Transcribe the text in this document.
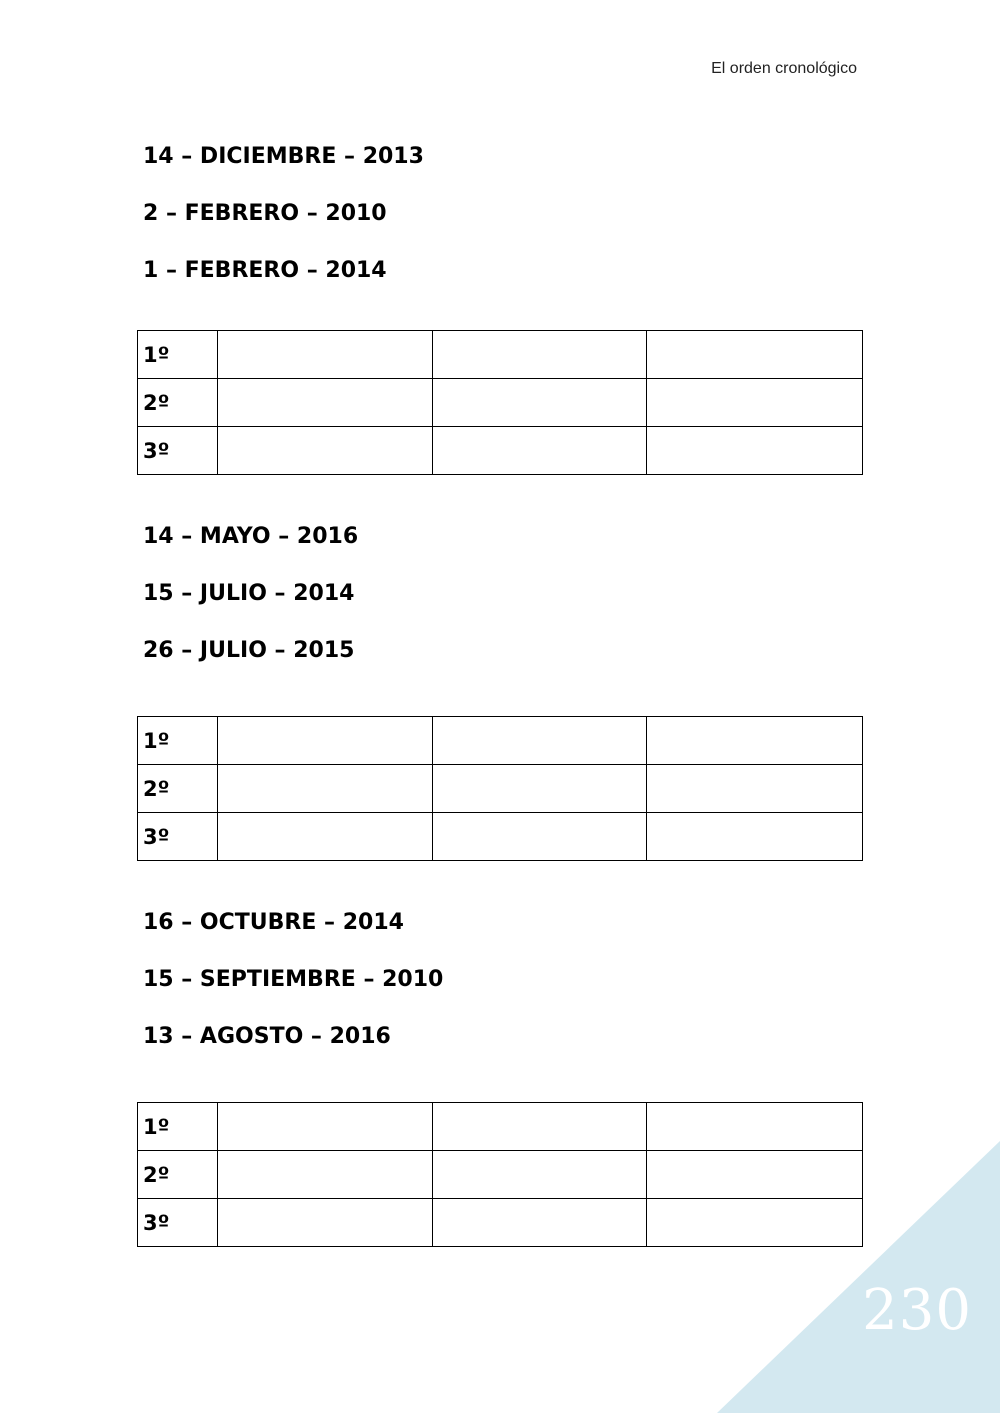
El orden cronológico
14 – DICIEMBRE – 2013
2 – FEBRERO – 2010
1 – FEBRERO – 2014
1º			
2º			
3º			
14 – MAYO – 2016
15 – JULIO – 2014
26 – JULIO – 2015
1º			
2º			
3º			
16 – OCTUBRE – 2014
15 – SEPTIEMBRE – 2010
13 – AGOSTO – 2016
1º			
2º			
3º			
230
